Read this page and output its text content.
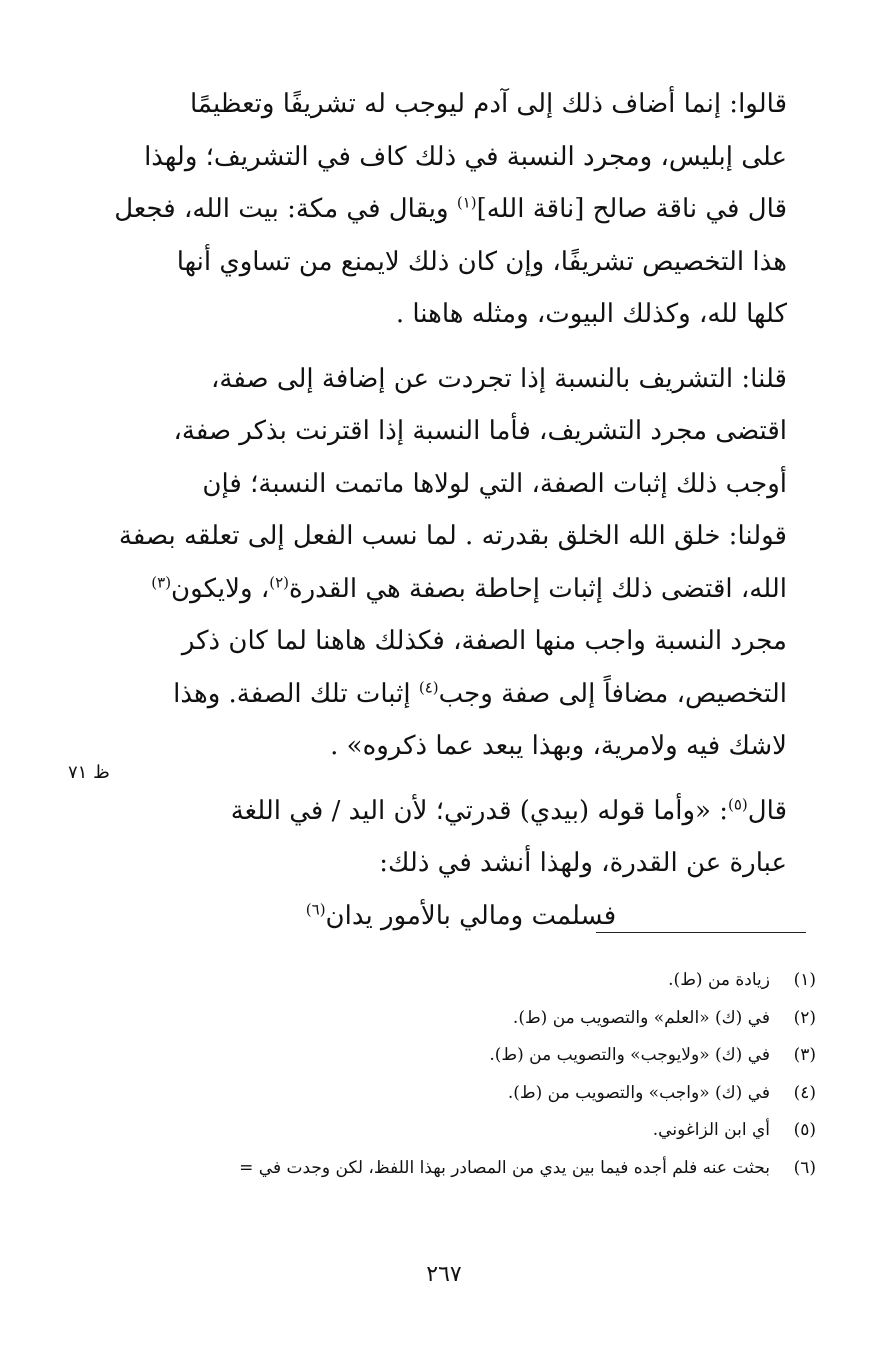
قالوا: إنما أضاف ذلك إلى آدم ليوجب له تشريفًا وتعظيمًا
على إبليس، ومجرد النسبة في ذلك كاف في التشريف؛ ولهذا
قال في ناقة صالح [ناقة الله]$^{(١)}$ ويقال في مكة: بيت الله، فجعل
هذا التخصيص تشريفًا، وإن كان ذلك لايمنع من تساوي أنها
كلها لله، وكذلك البيوت، ومثله هاهنا .

قلنا: التشريف بالنسبة إذا تجردت عن إضافة إلى صفة،
اقتضى مجرد التشريف، فأما النسبة إذا اقترنت بذكر صفة،
أوجب ذلك إثبات الصفة، التي لولاها ماتمت النسبة؛ فإن
قولنا: خلق الله الخلق بقدرته . لما نسب الفعل إلى تعلقه بصفة
الله، اقتضى ذلك إثبات إحاطة بصفة هي القدرة$^{(٢)}$، ولايكون$^{(٣)}$
مجرد النسبة واجب منها الصفة، فكذلك هاهنا لما كان ذكر
التخصيص، مضافاً إلى صفة وجب$^{(٤)}$ إثبات تلك الصفة. وهذا
لاشك فيه ولامرية، وبهذا يبعد عما ذكروه» .

قال$^{(٥)}$: «وأما قوله (بيدي) قدرتي؛ لأن اليد / في اللغة
عبارة عن القدرة، ولهذا أنشد في ذلك:
فسلمت ومالي بالأمور يدان$^{(٦)}$

ظ ٧١
(١)زيادة من (ط).
(٢)في (ك) «العلم» والتصويب من (ط).
(٣)في (ك) «ولايوجب» والتصويب من (ط).
(٤)في (ك) «واجب» والتصويب من (ط).
(٥)أي ابن الزاغوني.
(٦)بحثت عنه فلم أجده فيما بين يدي من المصادر بهذا اللفظ، لكن وجدت في =
٢٦٧
